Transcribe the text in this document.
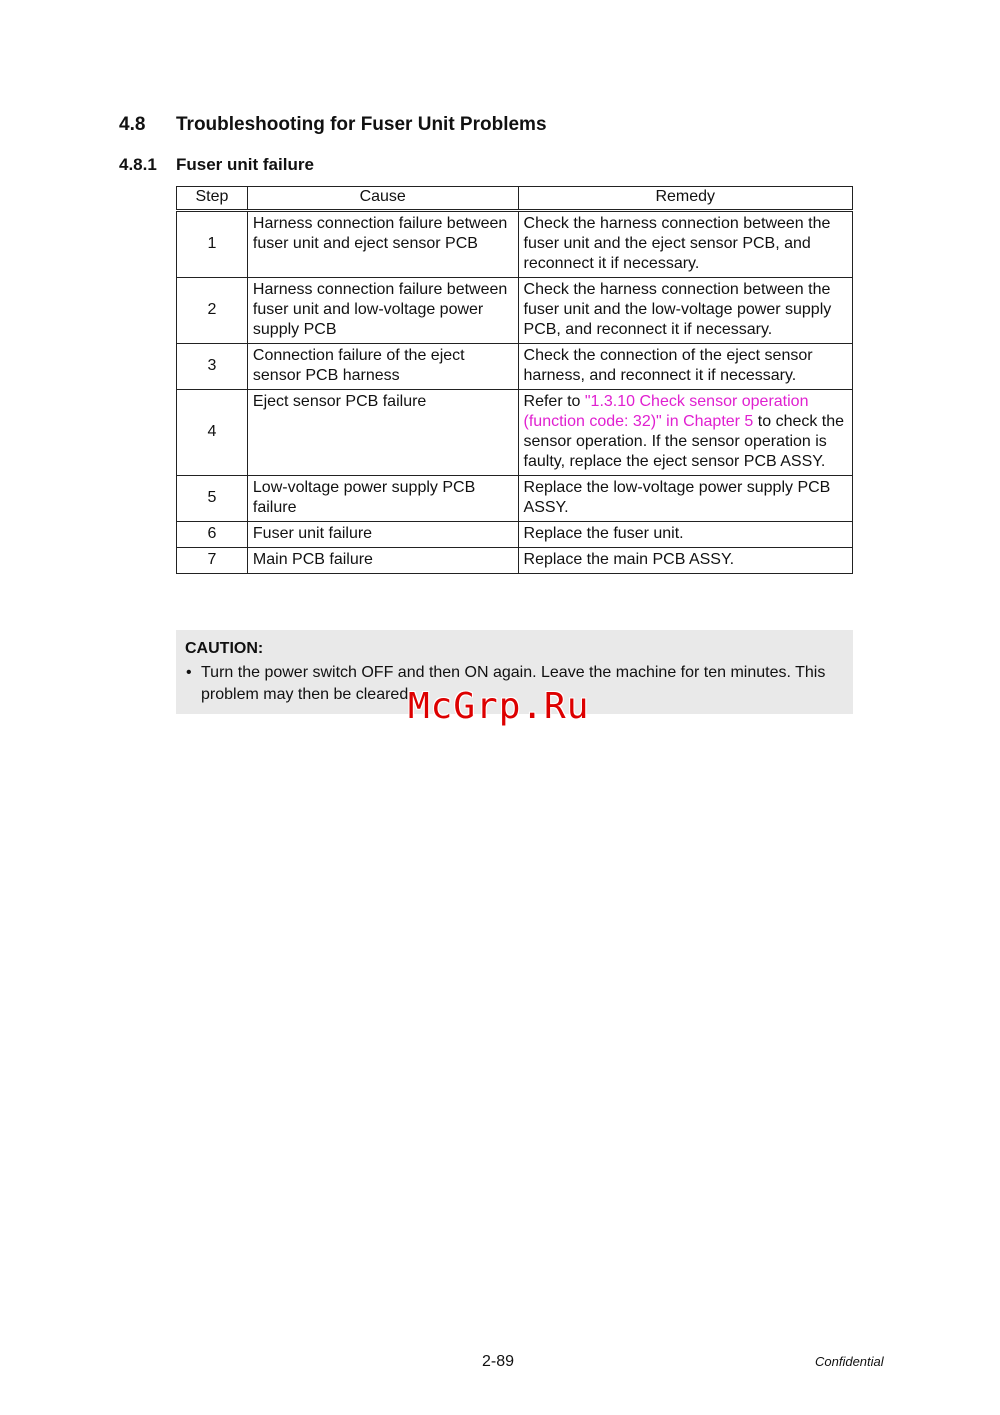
4.8 Troubleshooting for Fuser Unit Problems
4.8.1 Fuser unit failure
Step	Cause	Remedy
1	Harness connection failure between fuser unit and eject sensor PCB	Check the harness connection between the fuser unit and the eject sensor PCB, and reconnect it if necessary.
2	Harness connection failure between fuser unit and low-voltage power supply PCB	Check the harness connection between the fuser unit and the low-voltage power supply PCB, and reconnect it if necessary.
3	Connection failure of the eject sensor PCB harness	Check the connection of the eject sensor harness, and reconnect it if necessary.
4	Eject sensor PCB failure	Refer to "1.3.10 Check sensor operation (function code: 32)" in Chapter 5 to check the sensor operation. If the sensor operation is faulty, replace the eject sensor PCB ASSY.
5	Low-voltage power supply PCB failure	Replace the low-voltage power supply PCB ASSY.
6	Fuser unit failure	Replace the fuser unit.
7	Main PCB failure	Replace the main PCB ASSY.
CAUTION:
• Turn the power switch OFF and then ON again. Leave the machine for ten minutes. This problem may then be cleared.
McGrp.Ru
2-89	Confidential
